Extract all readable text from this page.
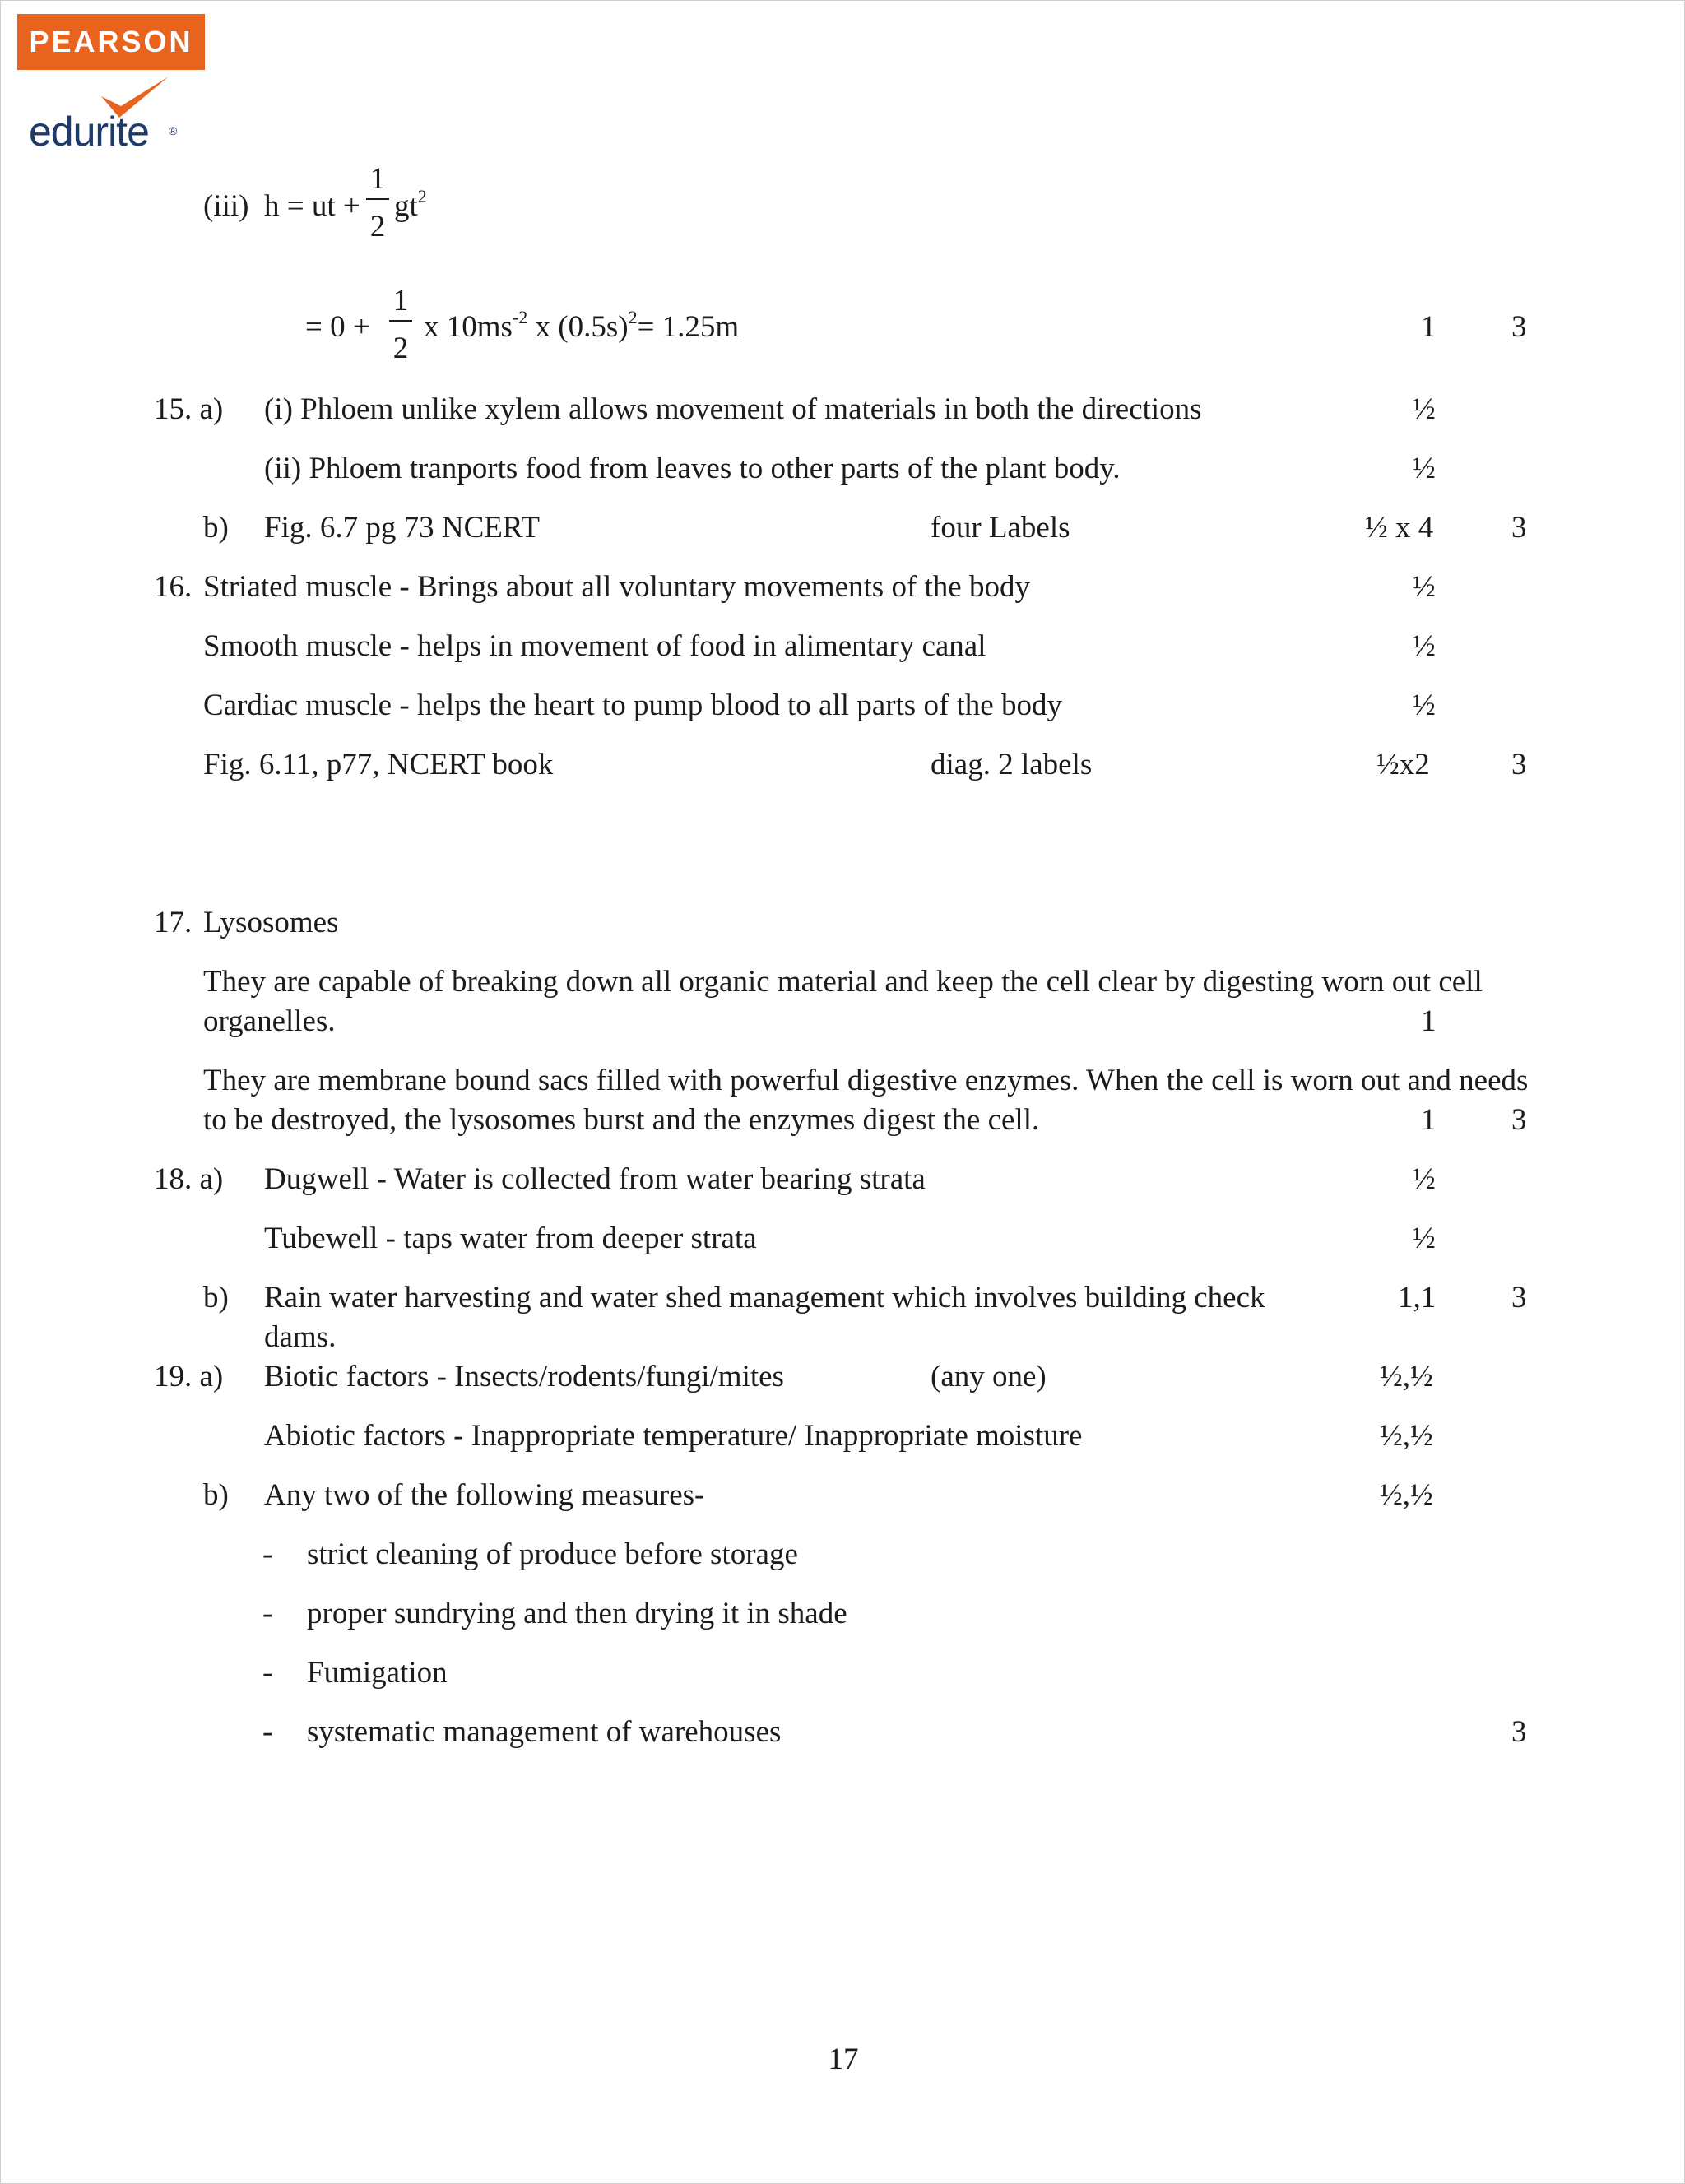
PEARSON
edurite ®
(iii) h = ut +
1
2
$gt^2$
= 0 +
1
2
x $10ms^{-2}$ x $(0.5s)^2= 1.25m$	1 3
15. a) (i) Phloem unlike xylem allows movement of materials in both the directions	½
(ii) Phloem tranports food from leaves to other parts of the plant body.	½
b) Fig. 6.7 pg 73 NCERT	four Labels	½ x 4	3
16. Striated muscle - Brings about all voluntary movements of the body	½
Smooth muscle - helps in movement of food in alimentary canal	½
Cardiac muscle - helps the heart to pump blood to all parts of the body	½
Fig. 6.11, p77, NCERT book	diag. 2 labels	½x2	3
17. Lysosomes
They are capable of breaking down all organic material and keep the cell clear by digesting worn out cell
organelles.	1
They are membrane bound sacs filled with powerful digestive enzymes. When the cell is worn out and needs
to be destroyed, the lysosomes burst and the enzymes digest the cell.	1 3
18. a) Dugwell - Water is collected from water bearing strata	½
Tubewell - taps water from deeper strata	½
b) Rain water harvesting and water shed management which involves building check
dams.
1,1 3
19. a) Biotic factors - Insects/rodents/fungi/mites	(any one)	½,½
Abiotic factors - Inappropriate temperature/ Inappropriate moisture	½,½
b) Any two of the following measures-	½,½
- strict cleaning of produce before storage
- proper sundrying and then drying it in shade
- Fumigation
- systematic management of warehouses	3
17
